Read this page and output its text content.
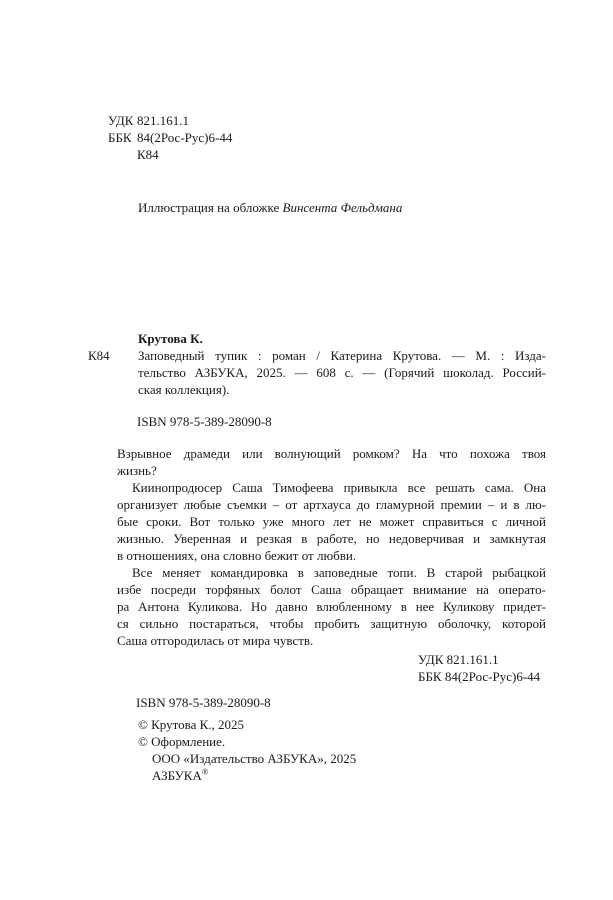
УДК 821.161.1
ББК 84(2Рос-Рус)6-44
К84
Иллюстрация на обложке Винсента Фельдмана
Крутова К.
К84 Заповедный тупик : роман / Катерина Крутова. — М. : Изда-
тельство АЗБУКА, 2025. — 608 с. — (Горячий шоколад. Россий-
ская коллекция).
ISBN 978-5-389-28090-8
Взрывное драмеди или волнующий ромком? На что похожа твоя
жизнь?
Киинопродюсер Саша Тимофеева привыкла все решать сама. Она
организует любые съемки – от артхауса до гламурной премии – и в лю-
бые сроки. Вот только уже много лет не может справиться с личной
жизнью. Уверенная и резкая в работе, но недоверчивая и замкнутая
в отношениях, она словно бежит от любви.
Все меняет командировка в заповедные топи. В старой рыбацкой
избе посреди торфяных болот Саша обращает внимание на операто-
ра Антона Куликова. Но давно влюбленному в нее Куликову придет-
ся сильно постараться, чтобы пробить защитную оболочку, которой
Саша отгородилась от мира чувств.
УДК 821.161.1
ББК 84(2Рос-Рус)6-44
ISBN 978-5-389-28090-8
© Крутова К., 2025
© Оформление.
ООО «Издательство АЗБУКА», 2025
АЗБУКА®
